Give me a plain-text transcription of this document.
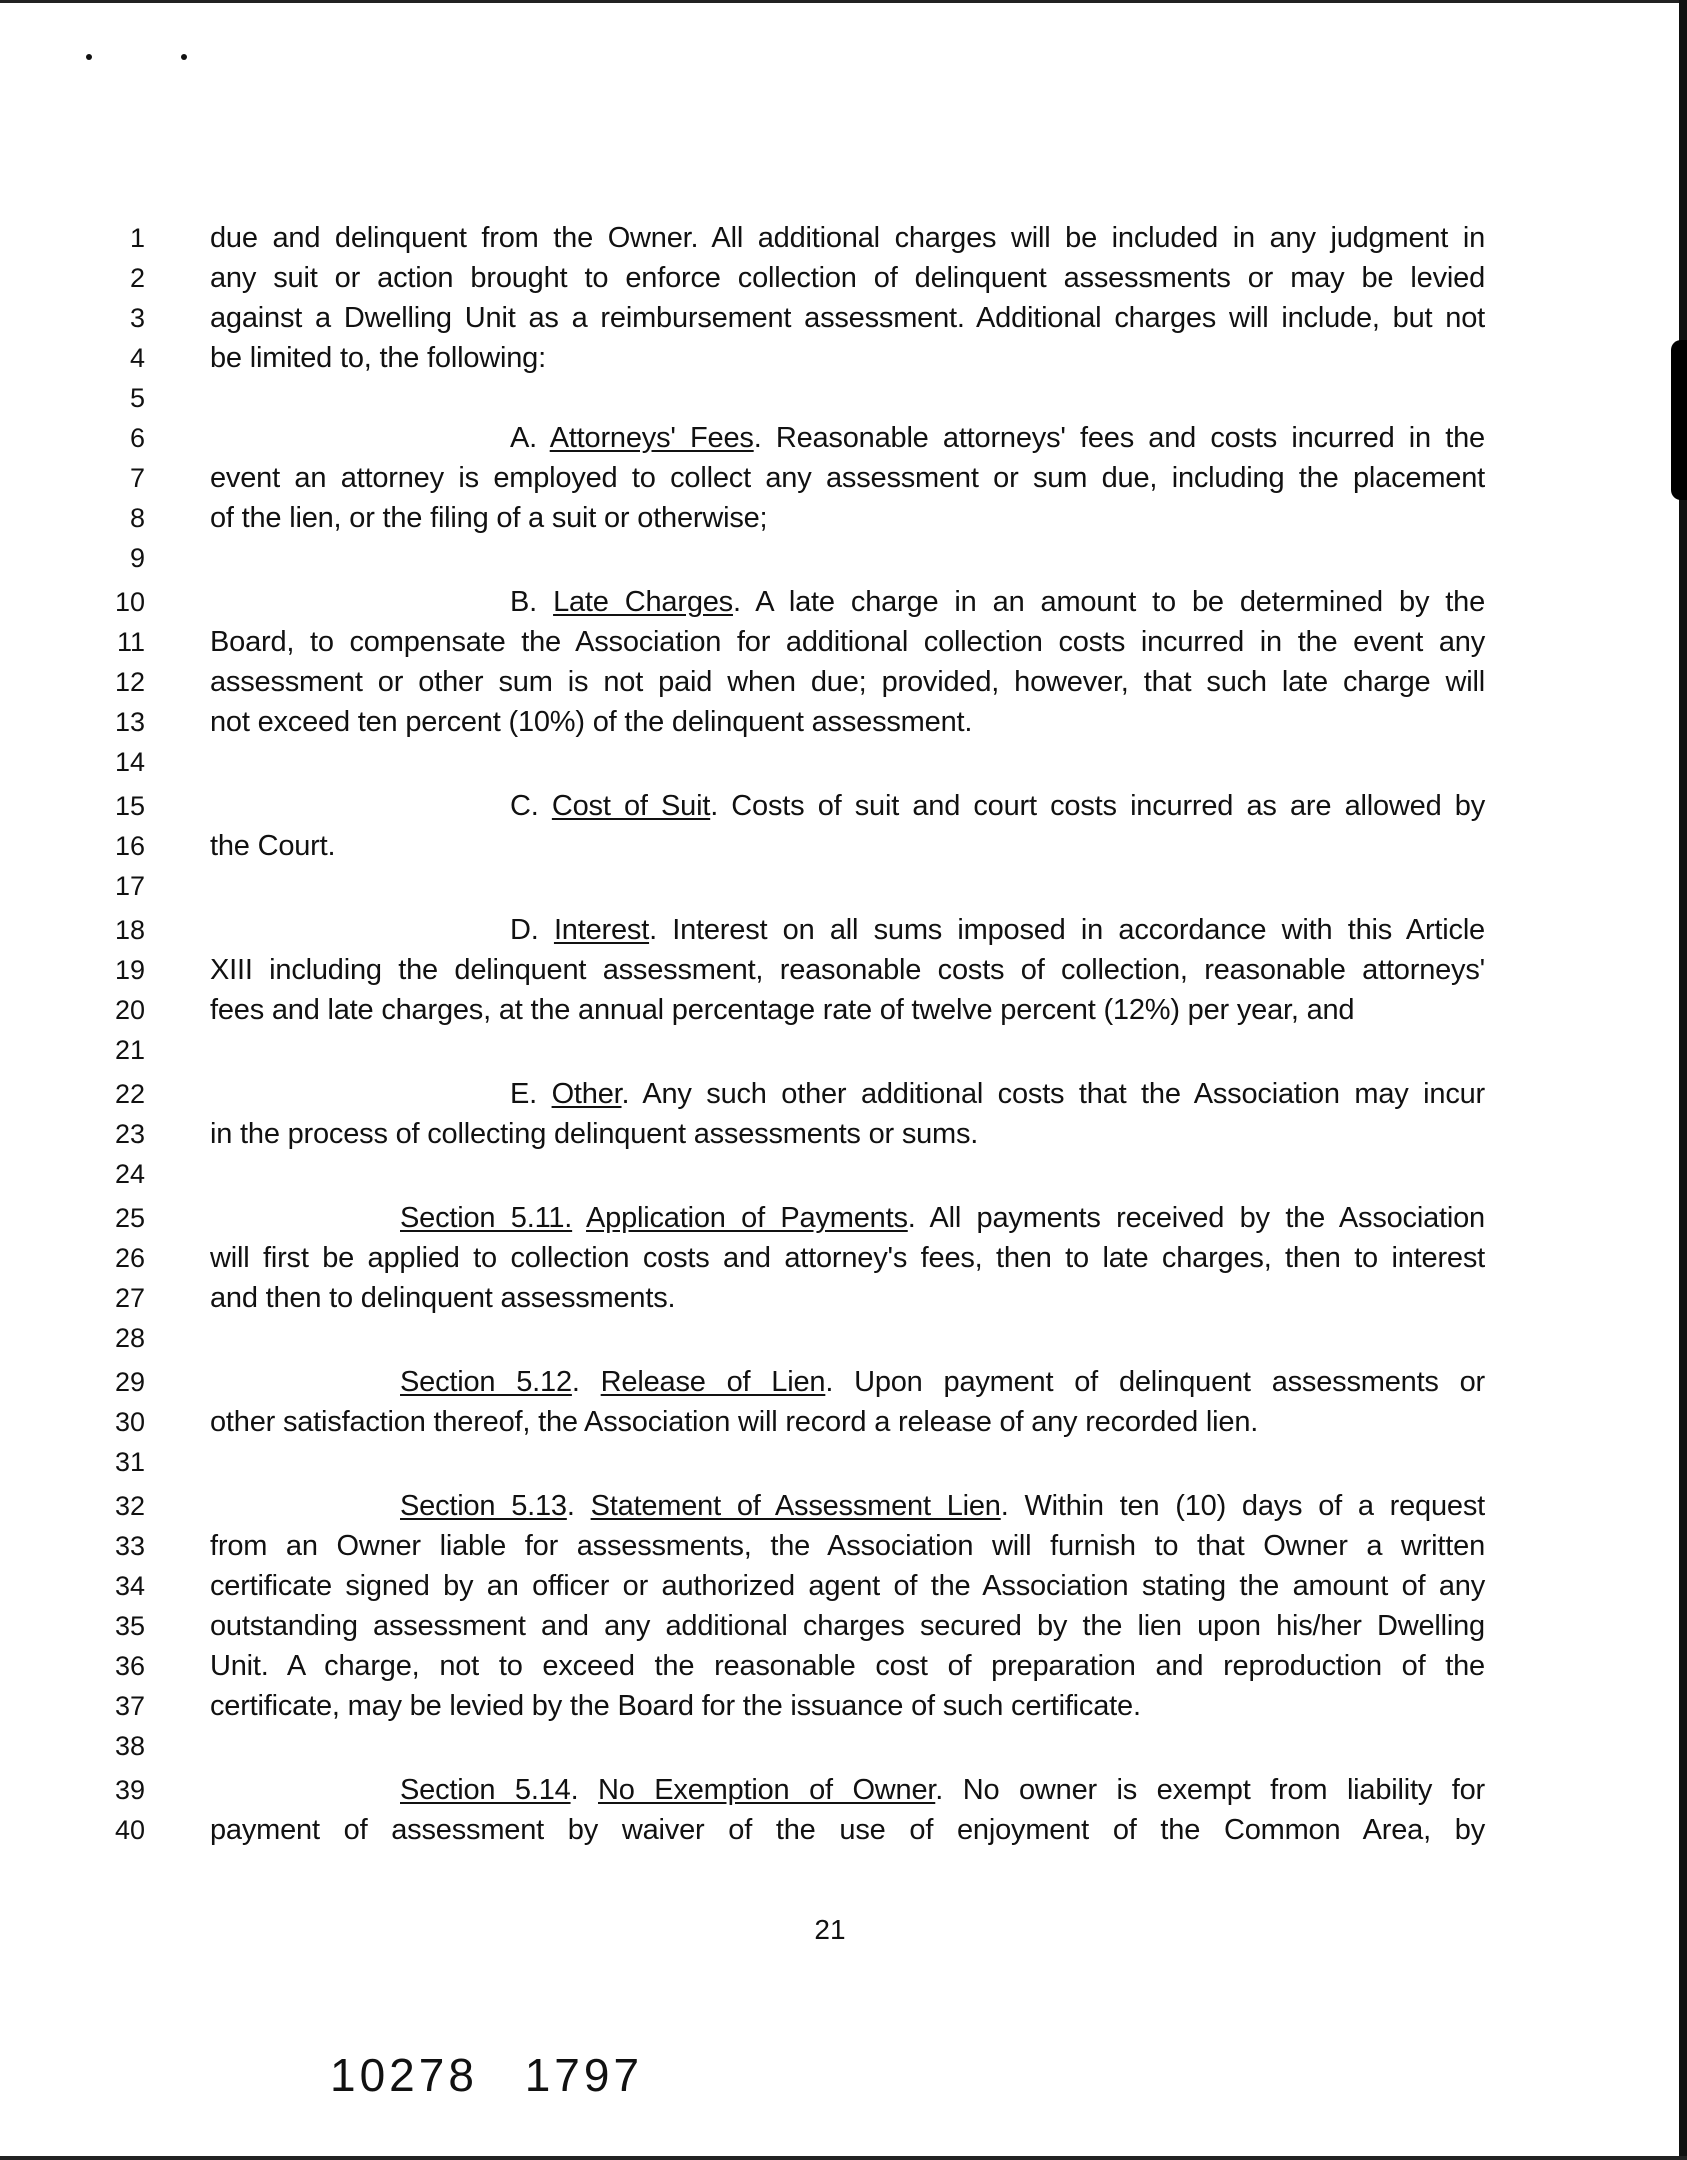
1 due and delinquent from the Owner. All additional charges will be included in any judgment in
2 any suit or action brought to enforce collection of delinquent assessments or may be levied
3 against a Dwelling Unit as a reimbursement assessment. Additional charges will include, but not
4 be limited to, the following:
5
6	A. Attorneys' Fees. Reasonable attorneys' fees and costs incurred in the
7 event an attorney is employed to collect any assessment or sum due, including the placement
8 of the lien, or the filing of a suit or otherwise;
9
10	B. Late Charges. A late charge in an amount to be determined by the
11 Board, to compensate the Association for additional collection costs incurred in the event any
12 assessment or other sum is not paid when due; provided, however, that such late charge will
13 not exceed ten percent (10%) of the delinquent assessment.
14
15	C. Cost of Suit. Costs of suit and court costs incurred as are allowed by
16 the Court.
17
18	D. Interest. Interest on all sums imposed in accordance with this Article
19 XIII including the delinquent assessment, reasonable costs of collection, reasonable attorneys'
20 fees and late charges, at the annual percentage rate of twelve percent (12%) per year, and
21
22	E. Other. Any such other additional costs that the Association may incur
23 in the process of collecting delinquent assessments or sums.
24
25	Section 5.11. Application of Payments. All payments received by the Association
26 will first be applied to collection costs and attorney's fees, then to late charges, then to interest
27 and then to delinquent assessments.
28
29	Section 5.12. Release of Lien. Upon payment of delinquent assessments or
30 other satisfaction thereof, the Association will record a release of any recorded lien.
31
32	Section 5.13. Statement of Assessment Lien. Within ten (10) days of a request
33 from an Owner liable for assessments, the Association will furnish to that Owner a written
34 certificate signed by an officer or authorized agent of the Association stating the amount of any
35 outstanding assessment and any additional charges secured by the lien upon his/her Dwelling
36 Unit. A charge, not to exceed the reasonable cost of preparation and reproduction of the
37 certificate, may be levied by the Board for the issuance of such certificate.
38
39	Section 5.14. No Exemption of Owner. No owner is exempt from liability for
40 payment of assessment by waiver of the use of enjoyment of the Common Area, by
21
10278 1797
